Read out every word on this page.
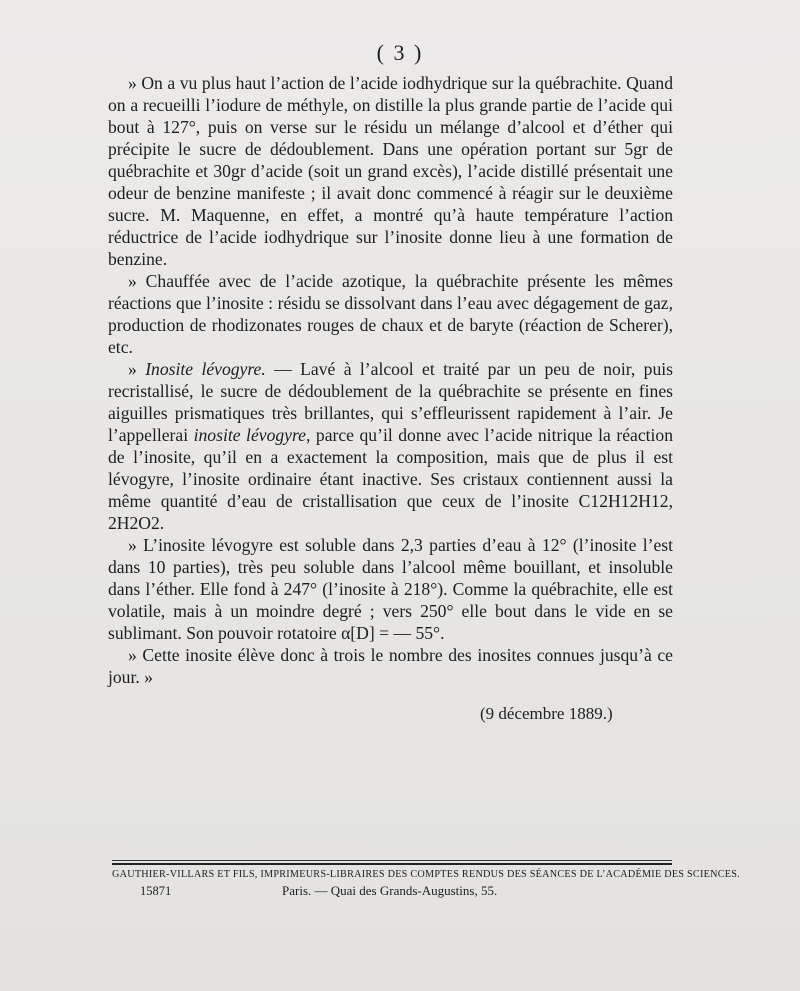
( 3 )

» On a vu plus haut l’action de l’acide iodhydrique sur la québrachite. Quand on a recueilli l’iodure de méthyle, on distille la plus grande partie de l’acide qui bout à 127°, puis on verse sur le résidu un mélange d’alcool et d’éther qui précipite le sucre de dédoublement. Dans une opération portant sur 5gr de québrachite et 30gr d’acide (soit un grand excès), l’acide distillé présentait une odeur de benzine manifeste ; il avait donc commencé à réagir sur le deuxième sucre. M. Maquenne, en effet, a montré qu’à haute température l’action réductrice de l’acide iodhydrique sur l’inosite donne lieu à une formation de benzine.

» Chauffée avec de l’acide azotique, la québrachite présente les mêmes réactions que l’inosite : résidu se dissolvant dans l’eau avec dégagement de gaz, production de rhodizonates rouges de chaux et de baryte (réaction de Scherer), etc.

» Inosite lévogyre. — Lavé à l’alcool et traité par un peu de noir, puis recristallisé, le sucre de dédoublement de la québrachite se présente en fines aiguilles prismatiques très brillantes, qui s’effleurissent rapidement à l’air. Je l’appellerai inosite lévogyre, parce qu’il donne avec l’acide nitrique la réaction de l’inosite, qu’il en a exactement la composition, mais que de plus il est lévogyre, l’inosite ordinaire étant inactive. Ses cristaux contiennent aussi la même quantité d’eau de cristallisation que ceux de l’inosite C12H12H12, 2H2O2.

» L’inosite lévogyre est soluble dans 2,3 parties d’eau à 12° (l’inosite l’est dans 10 parties), très peu soluble dans l’alcool même bouillant, et insoluble dans l’éther. Elle fond à 247° (l’inosite à 218°). Comme la québrachite, elle est volatile, mais à un moindre degré ; vers 250° elle bout dans le vide en se sublimant. Son pouvoir rotatoire α[D] = — 55°.

» Cette inosite élève donc à trois le nombre des inosites connues jusqu’à ce jour. »

(9 décembre 1889.)
GAUTHIER-VILLARS ET FILS, IMPRIMEURS-LIBRAIRES DES COMPTES RENDUS DES SÉANCES DE L’ACADÉMIE DES SCIENCES.
15871	Paris. — Quai des Grands-Augustins, 55.
